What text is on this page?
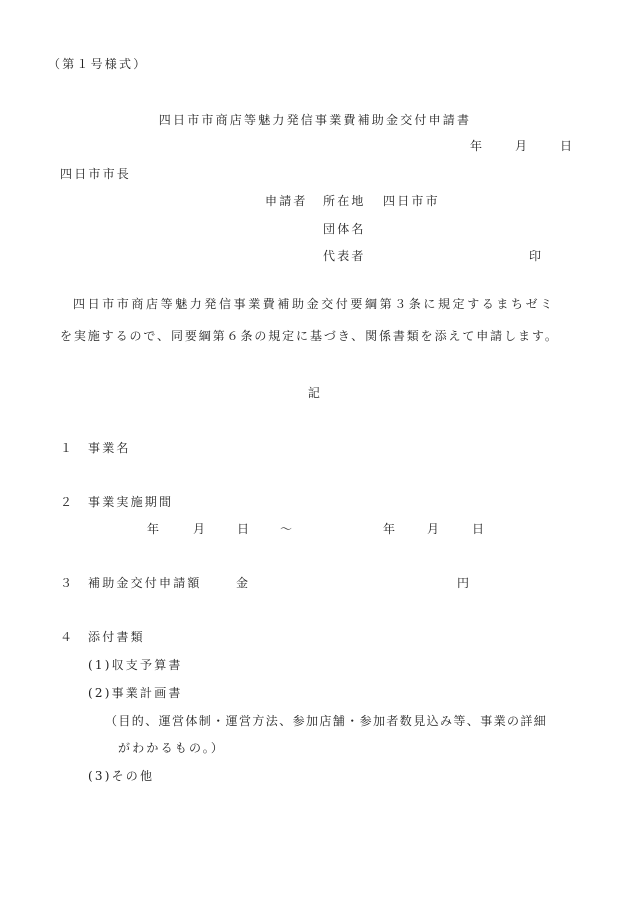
（第１号様式）
四日市市商店等魅力発信事業費補助金交付申請書
年	月	日
四日市市長
申請者 所在地 四日市市
団体名
代表者	印
四日市市商店等魅力発信事業費補助金交付要綱第３条に規定するまちゼミ
を実施するので、同要綱第６条の規定に基づき、関係書類を添えて申請します。
記
１ 事業名
２ 事業実施期間
年	月 日 ～	年 月	日
３ 補助金交付申請額	金	円
４ 添付書類
(1)収支予算書
(2)事業計画書
（目的、運営体制・運営方法、参加店舗・参加者数見込み等、事業の詳細
がわかるもの。）
(3)その他
